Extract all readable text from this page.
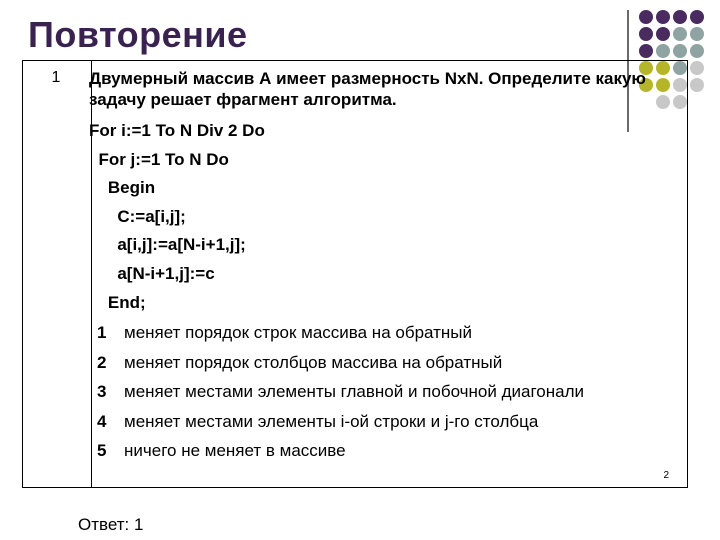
Повторение
1	Двумерный массив А имеет размерность NxN. Определите какую задачу решает фрагмент алгоритма.
For i:=1 To N Div 2 Do
For j:=1 To N Do
Begin
C:=a[i,j];
a[i,j]:=a[N-i+1,j];
a[N-i+1,j]:=c
End;
1 меняет порядок строк массива на обратный
2 меняет порядок столбцов массива на обратный
3 меняет местами элементы главной и побочной диагонали
4 меняет местами элементы i-ой строки и j-го столбца
5 ничего не меняет в массиве
2
Ответ: 1
